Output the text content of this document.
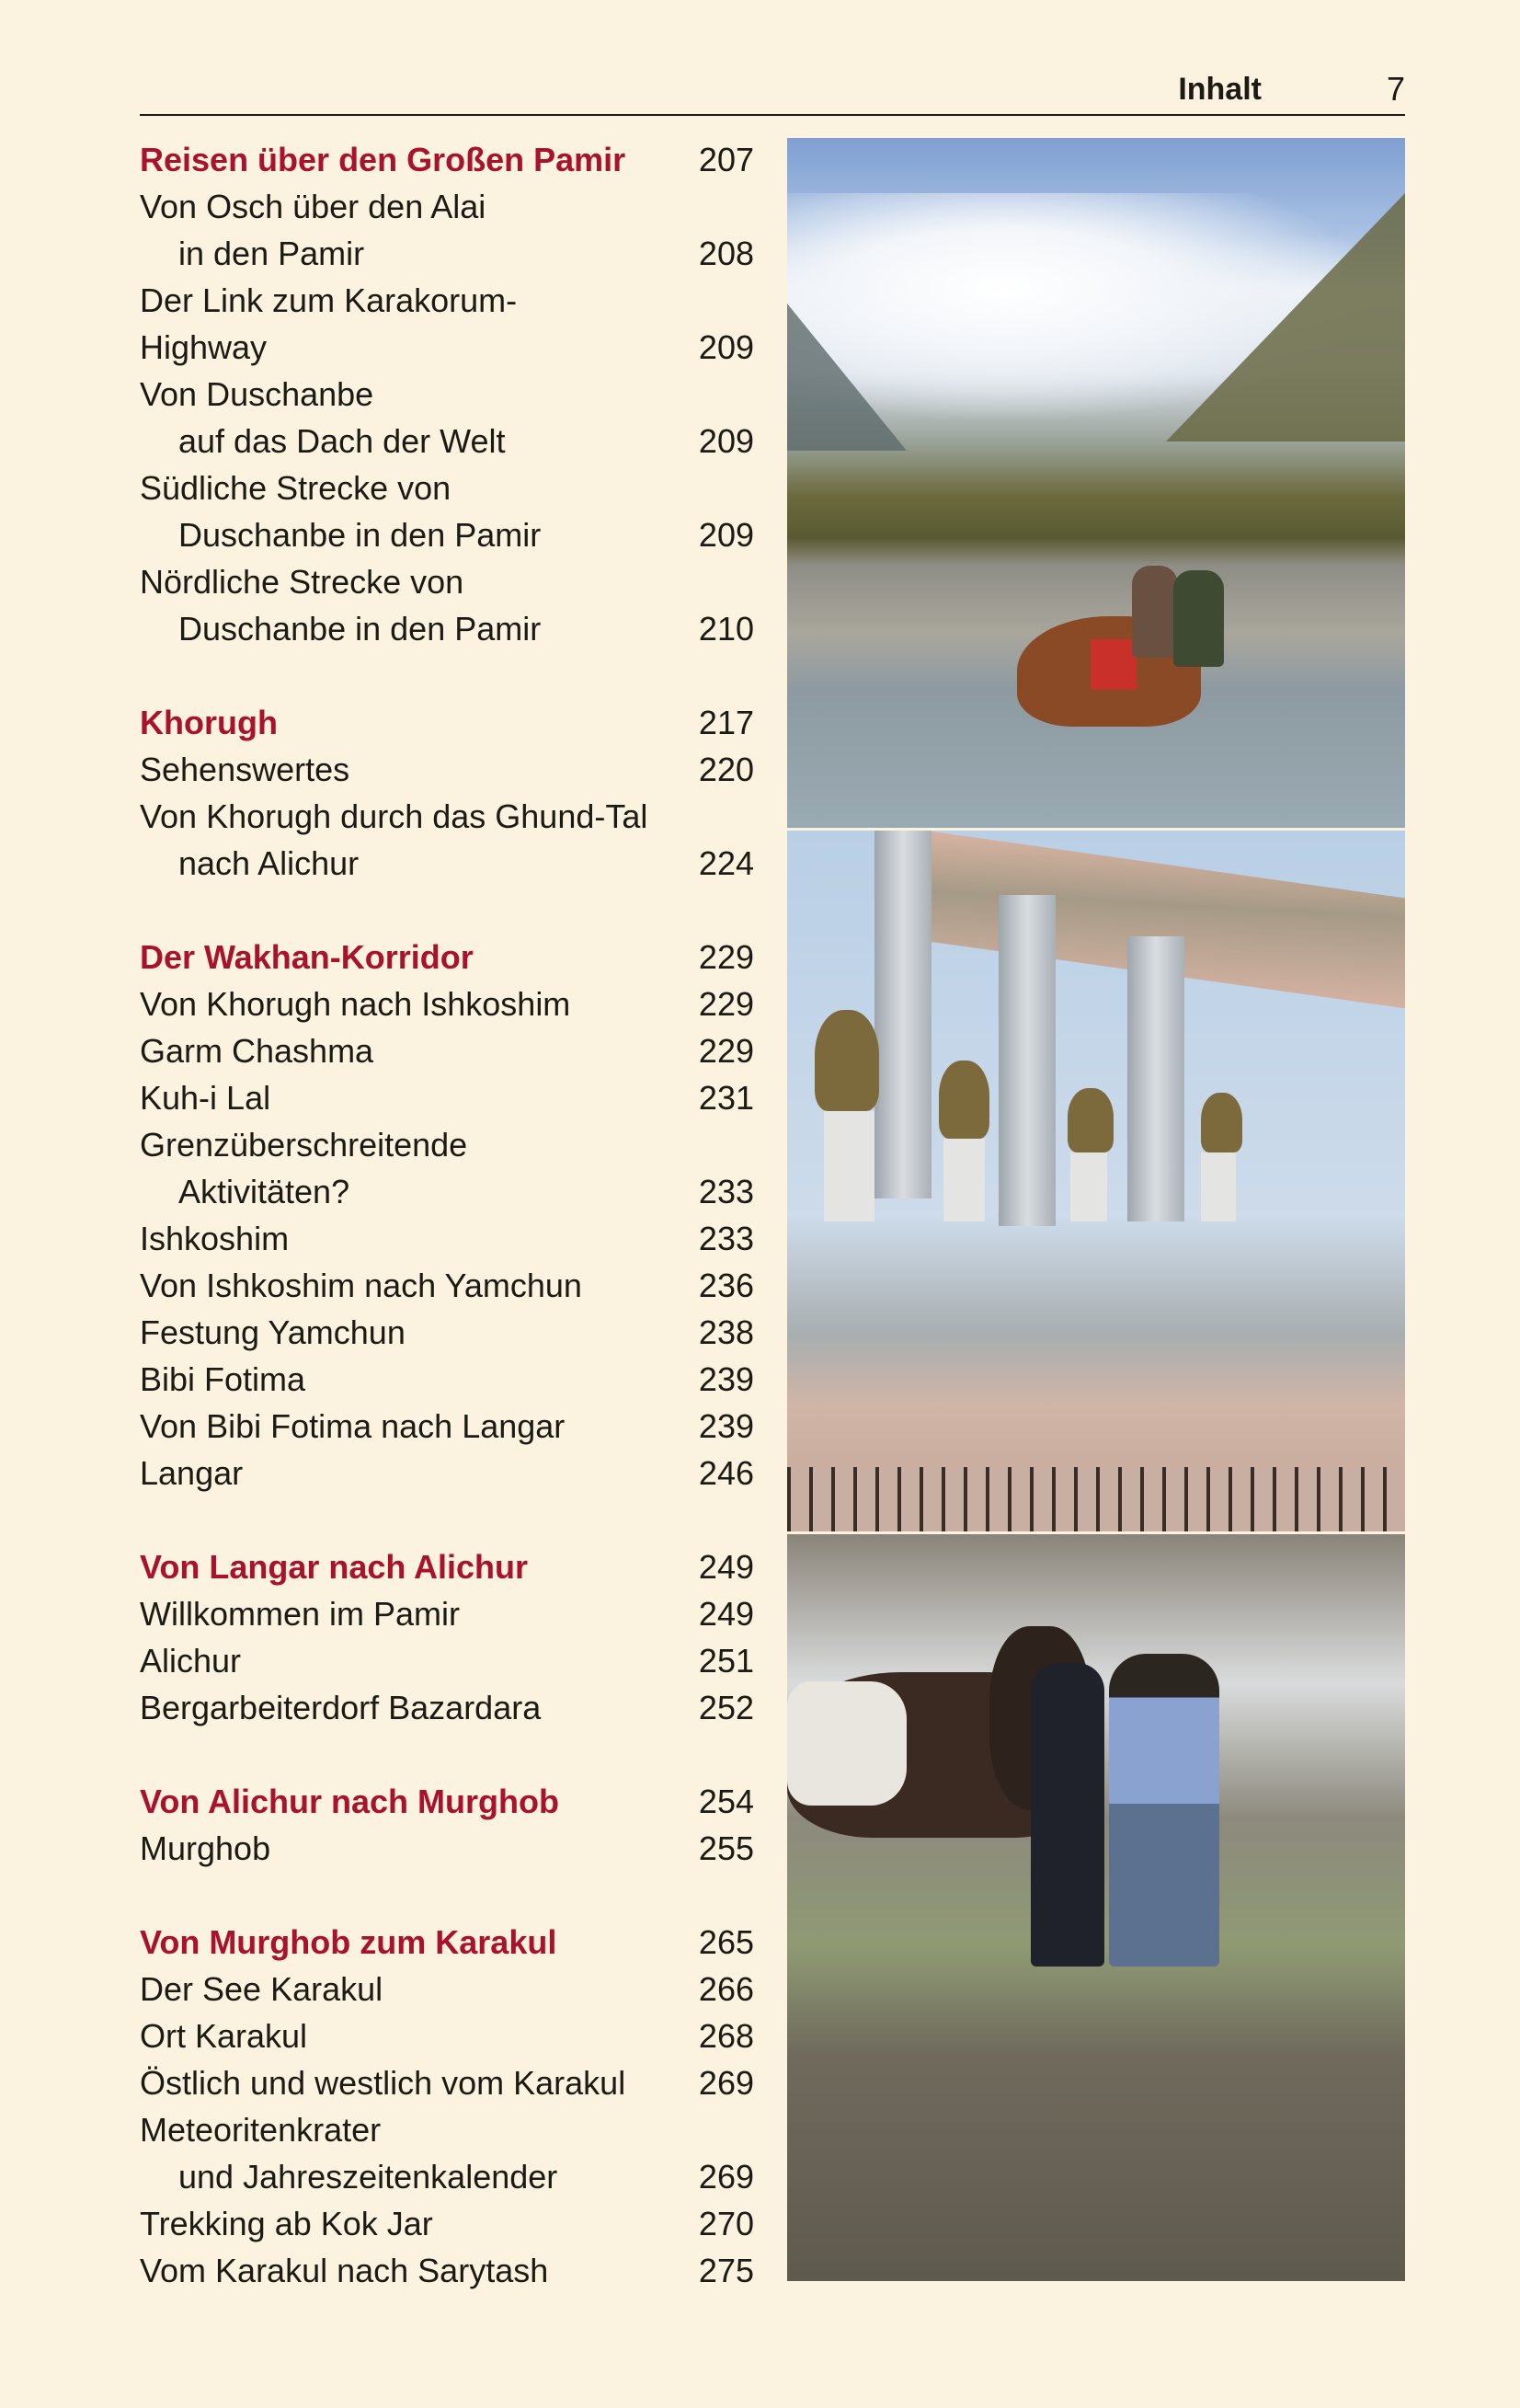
Inhalt	7
Reisen über den Großen Pamir 207
Von Osch über den Alai
in den Pamir	208
Der Link zum Karakorum-
Highway	209
Von Duschanbe
auf das Dach der Welt	209
Südliche Strecke von
Duschanbe in den Pamir	209
Nördliche Strecke von
Duschanbe in den Pamir	210
Khorugh	217
Sehenswertes	220
Von Khorugh durch das Ghund-Tal
nach Alichur	224
Der Wakhan-Korridor	229
Von Khorugh nach Ishkoshim	229
Garm Chashma	229
Kuh-i Lal	231
Grenzüberschreitende
Aktivitäten?	233
Ishkoshim	233
Von Ishkoshim nach Yamchun	236
Festung Yamchun	238
Bibi Fotima	239
Von Bibi Fotima nach Langar	239
Langar	246
Von Langar nach Alichur	249
Willkommen im Pamir	249
Alichur	251
Bergarbeiterdorf Bazardara	252
Von Alichur nach Murghob	254
Murghob	255
Von Murghob zum Karakul	265
Der See Karakul	266
Ort Karakul	268
Östlich und westlich vom Karakul 269
Meteoritenkrater
und Jahreszeitenkalender	269
Trekking ab Kok Jar	270
Vom Karakul nach Sarytash	275
